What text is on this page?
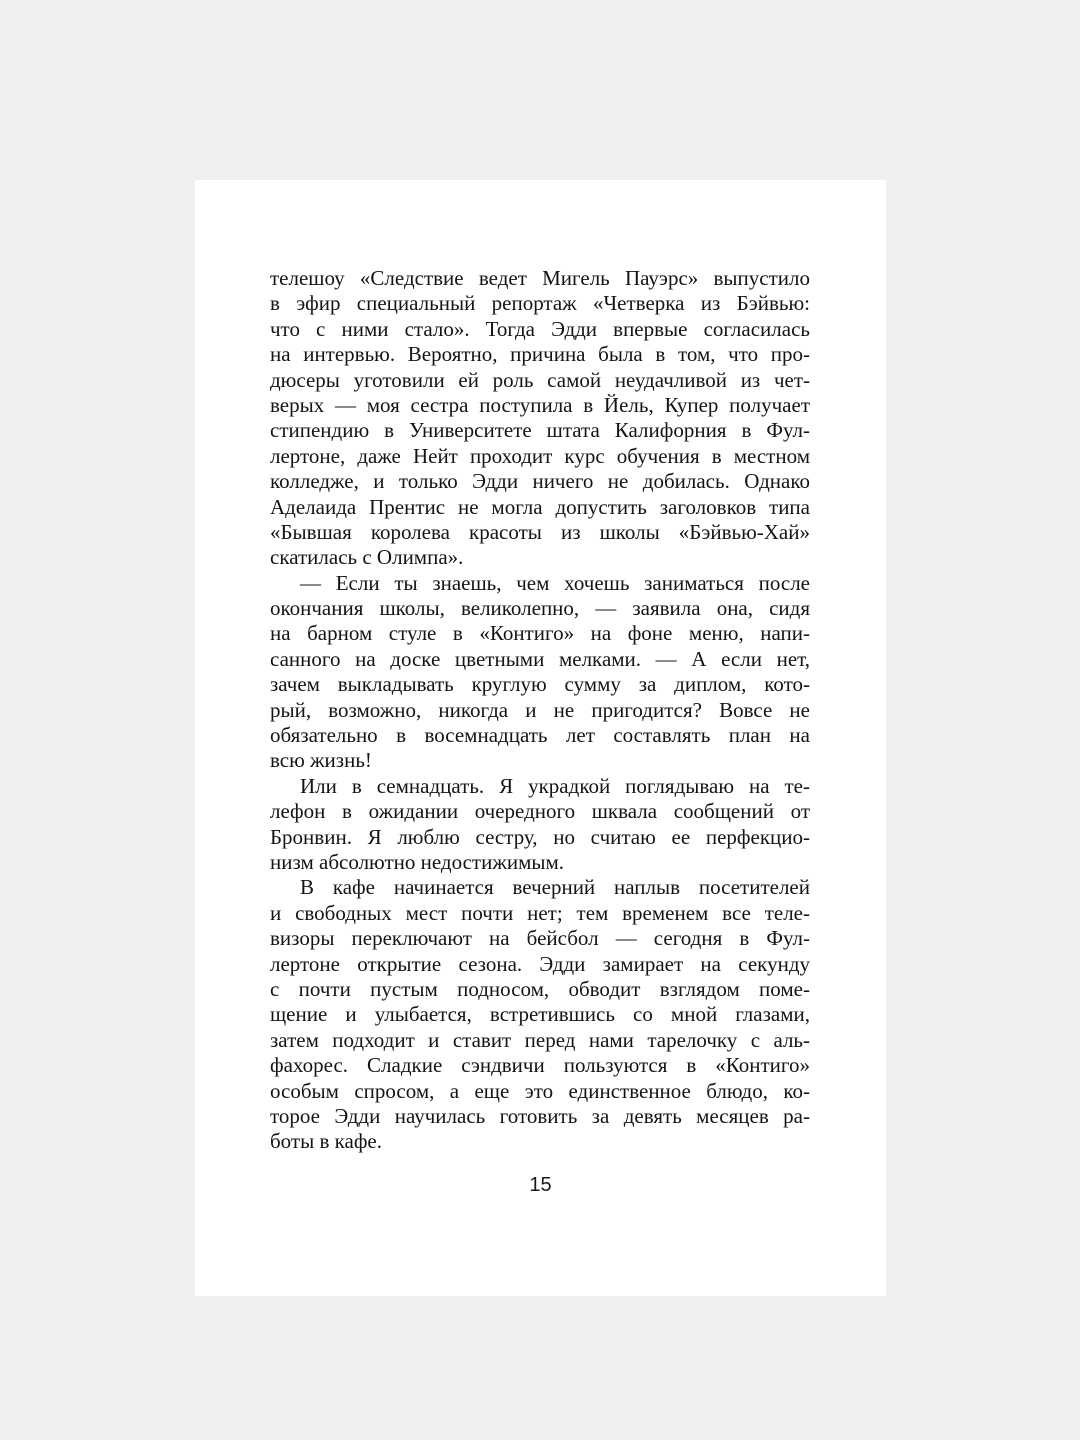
телешоу «Следствие ведет Мигель Пауэрс» выпустило
в эфир специальный репортаж «Четверка из Бэйвью:
что с ними стало». Тогда Эдди впервые согласилась
на интервью. Вероятно, причина была в том, что про-
дюсеры уготовили ей роль самой неудачливой из чет-
верых — моя сестра поступила в Йель, Купер получает
стипендию в Университете штата Калифорния в Фул-
лертоне, даже Нейт проходит курс обучения в местном
колледже, и только Эдди ничего не добилась. Однако
Аделаида Прентис не могла допустить заголовков типа
«Бывшая королева красоты из школы «Бэйвью-Хай»
скатилась с Олимпа».
— Если ты знаешь, чем хочешь заниматься после
окончания школы, великолепно, — заявила она, сидя
на барном стуле в «Контиго» на фоне меню, напи-
санного на доске цветными мелками. — А если нет,
зачем выкладывать круглую сумму за диплом, кото-
рый, возможно, никогда и не пригодится? Вовсе не
обязательно в восемнадцать лет составлять план на
всю жизнь!
Или в семнадцать. Я украдкой поглядываю на те-
лефон в ожидании очередного шквала сообщений от
Бронвин. Я люблю сестру, но считаю ее перфекцио-
низм абсолютно недостижимым.
В кафе начинается вечерний наплыв посетителей
и свободных мест почти нет; тем временем все теле-
визоры переключают на бейсбол — сегодня в Фул-
лертоне открытие сезона. Эдди замирает на секунду
с почти пустым подносом, обводит взглядом поме-
щение и улыбается, встретившись со мной глазами,
затем подходит и ставит перед нами тарелочку с аль-
фахорес. Сладкие сэндвичи пользуются в «Контиго»
особым спросом, а еще это единственное блюдо, ко-
торое Эдди научилась готовить за девять месяцев ра-
боты в кафе.
15
